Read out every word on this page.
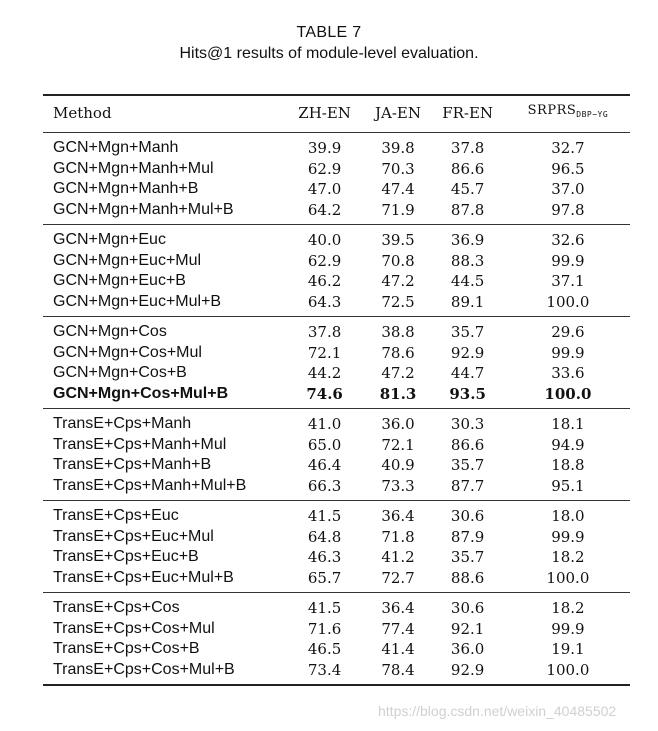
TABLE 7
Hits@1 results of module-level evaluation.
Method	ZH-EN	JA-EN	FR-EN	$SRPRS_{DBP-YG}$
GCN+Mgn+Manh	39.9	39.8	37.8	32.7
GCN+Mgn+Manh+Mul	62.9	70.3	86.6	96.5
GCN+Mgn+Manh+B	47.0	47.4	45.7	37.0
GCN+Mgn+Manh+Mul+B	64.2	71.9	87.8	97.8
GCN+Mgn+Euc	40.0	39.5	36.9	32.6
GCN+Mgn+Euc+Mul	62.9	70.8	88.3	99.9
GCN+Mgn+Euc+B	46.2	47.2	44.5	37.1
GCN+Mgn+Euc+Mul+B	64.3	72.5	89.1	100.0
GCN+Mgn+Cos	37.8	38.8	35.7	29.6
GCN+Mgn+Cos+Mul	72.1	78.6	92.9	99.9
GCN+Mgn+Cos+B	44.2	47.2	44.7	33.6
GCN+Mgn+Cos+Mul+B	74.6	81.3	93.5	100.0
TransE+Cps+Manh	41.0	36.0	30.3	18.1
TransE+Cps+Manh+Mul	65.0	72.1	86.6	94.9
TransE+Cps+Manh+B	46.4	40.9	35.7	18.8
TransE+Cps+Manh+Mul+B	66.3	73.3	87.7	95.1
TransE+Cps+Euc	41.5	36.4	30.6	18.0
TransE+Cps+Euc+Mul	64.8	71.8	87.9	99.9
TransE+Cps+Euc+B	46.3	41.2	35.7	18.2
TransE+Cps+Euc+Mul+B	65.7	72.7	88.6	100.0
TransE+Cps+Cos	41.5	36.4	30.6	18.2
TransE+Cps+Cos+Mul	71.6	77.4	92.1	99.9
TransE+Cps+Cos+B	46.5	41.4	36.0	19.1
TransE+Cps+Cos+Mul+B	73.4	78.4	92.9	100.0
https://blog.csdn.net/weixin_40485502
